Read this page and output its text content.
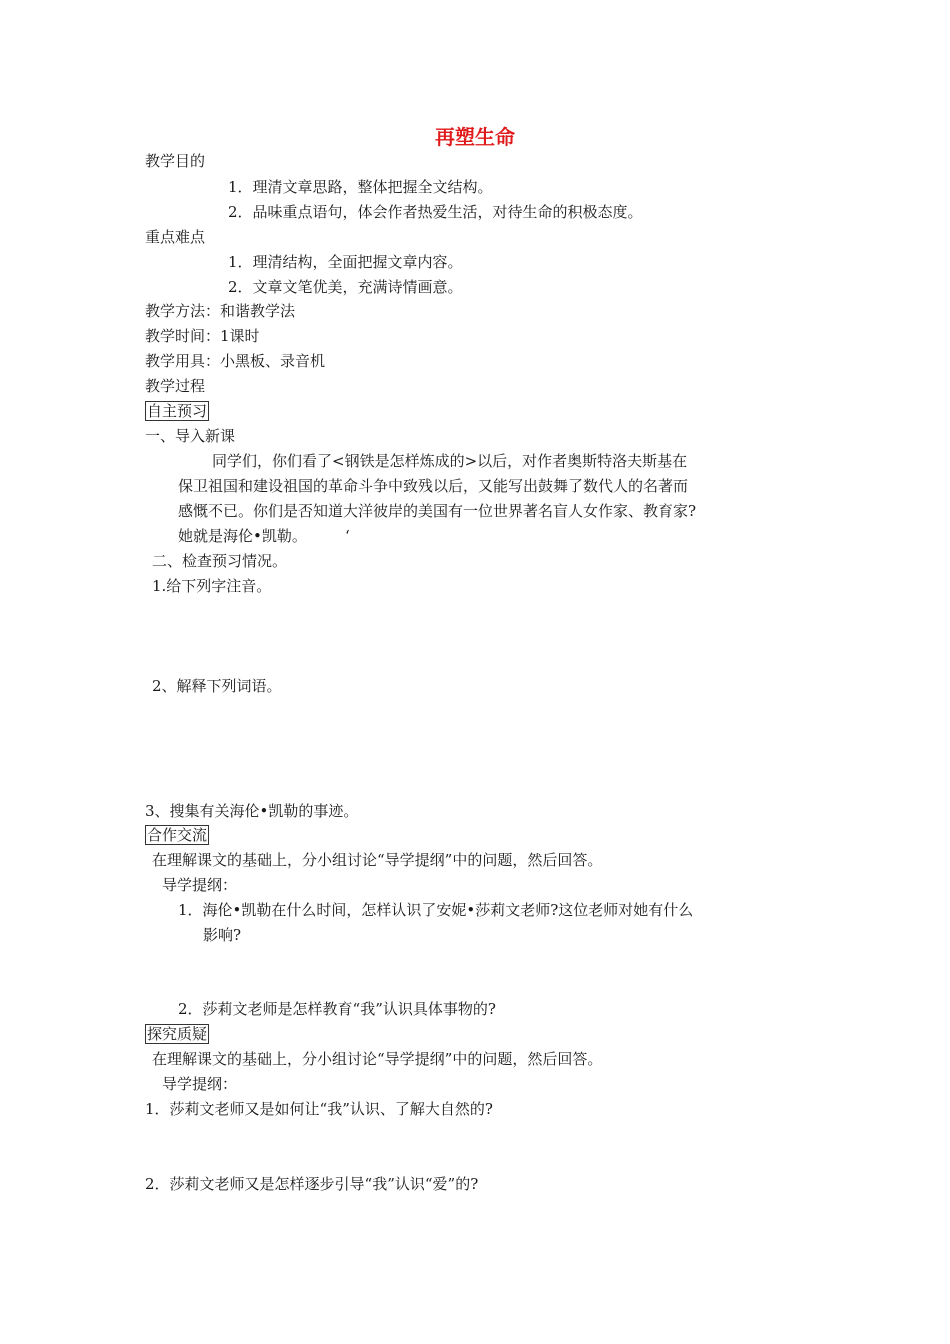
再塑生命
教学目的
1．理清文章思路，整体把握全文结构。
2．品味重点语句，体会作者热爱生活，对待生命的积极态度。
重点难点
1．理清结构，全面把握文章内容。
2．文章文笔优美，充满诗情画意。
教学方法：和谐教学法
教学时间：1课时
教学用具：小黑板、录音机
教学过程
自主预习
一、导入新课
同学们，你们看了<钢铁是怎样炼成的>以后，对作者奥斯特洛夫斯基在
保卫祖国和建设祖国的革命斗争中致残以后，又能写出鼓舞了数代人的名著而
感慨不已。你们是否知道大洋彼岸的美国有一位世界著名盲人女作家、教育家?
她就是海伦•凯勒。        ‘
二、检查预习情况。
1.给下列字注音。
2、解释下列词语。
3、搜集有关海伦•凯勒的事迹。
合作交流
在理解课文的基础上，分小组讨论“导学提纲”中的问题，然后回答。
导学提纲：
1．海伦•凯勒在什么时间，怎样认识了安妮•莎莉文老师?这位老师对她有什么
影响?
2．莎莉文老师是怎样教育“我”认识具体事物的?
探究质疑
在理解课文的基础上，分小组讨论“导学提纲”中的问题，然后回答。
导学提纲：
1．莎莉文老师又是如何让“我”认识、了解大自然的?
2．莎莉文老师又是怎样逐步引导“我”认识“爱”的?
